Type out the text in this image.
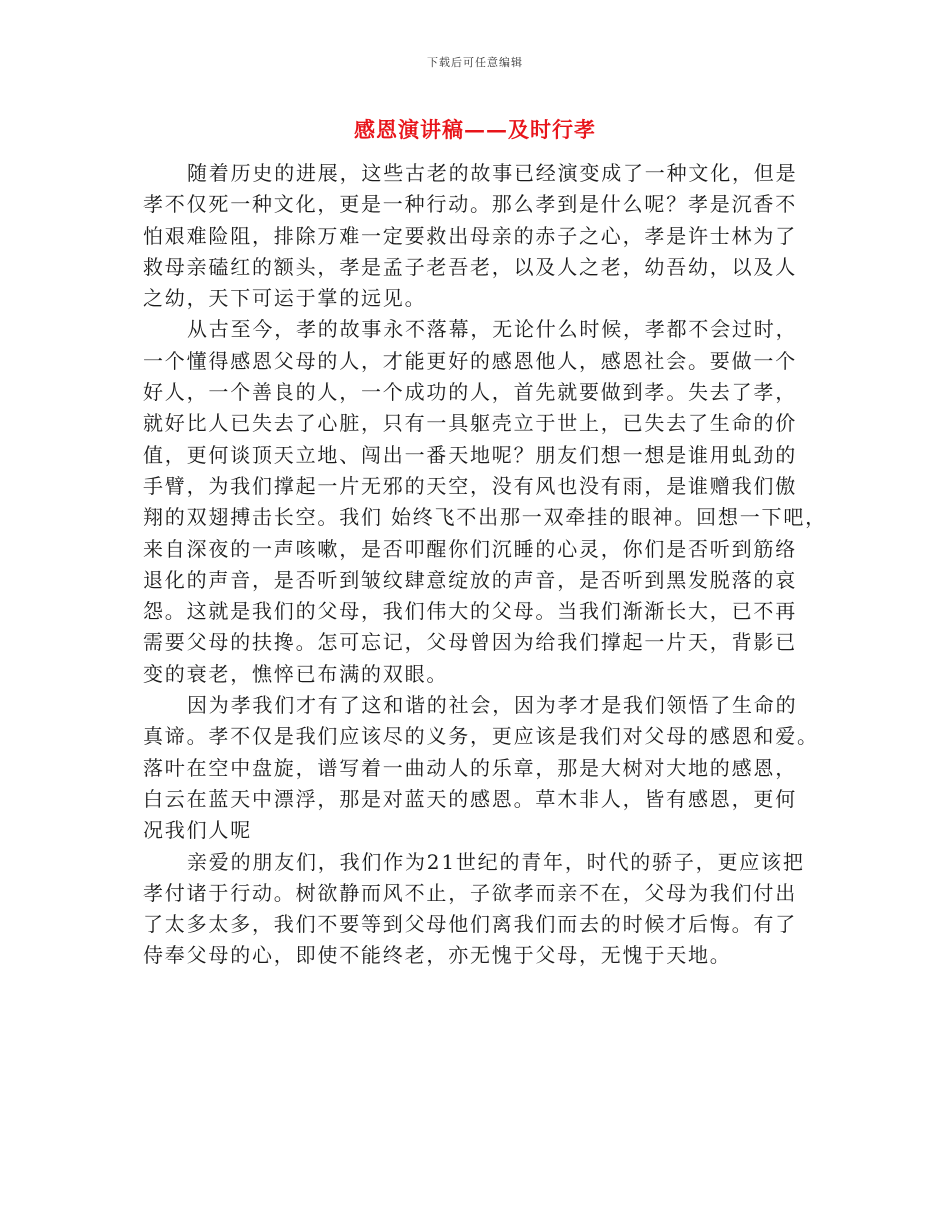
下载后可任意编辑
感恩演讲稿——及时行孝
随着历史的进展，这些古老的故事已经演变成了一种文化，但是
孝不仅死一种文化，更是一种行动。那么孝到是什么呢？孝是沉香不
怕艰难险阻，排除万难一定要救出母亲的赤子之心，孝是许士林为了
救母亲磕红的额头，孝是孟子老吾老，以及人之老，幼吾幼，以及人
之幼，天下可运于掌的远见。
从古至今，孝的故事永不落幕，无论什么时候，孝都不会过时，
一个懂得感恩父母的人，才能更好的感恩他人，感恩社会。要做一个
好人，一个善良的人，一个成功的人，首先就要做到孝。失去了孝，
就好比人已失去了心脏，只有一具躯壳立于世上，已失去了生命的价
值，更何谈顶天立地、闯出一番天地呢？朋友们想一想是谁用虬劲的
手臂，为我们撑起一片无邪的天空，没有风也没有雨，是谁赠我们傲
翔的双翅搏击长空。我们 始终飞不出那一双牵挂的眼神。回想一下吧，
来自深夜的一声咳嗽，是否叩醒你们沉睡的心灵，你们是否听到筋络
退化的声音，是否听到皱纹肆意绽放的声音，是否听到黑发脱落的哀
怨。这就是我们的父母，我们伟大的父母。当我们渐渐长大，已不再
需要父母的扶搀。怎可忘记，父母曾因为给我们撑起一片天，背影已
变的衰老，憔悴已布满的双眼。
因为孝我们才有了这和谐的社会，因为孝才是我们领悟了生命的
真谛。孝不仅是我们应该尽的义务，更应该是我们对父母的感恩和爱。
落叶在空中盘旋，谱写着一曲动人的乐章，那是大树对大地的感恩，
白云在蓝天中漂浮，那是对蓝天的感恩。草木非人，皆有感恩，更何
况我们人呢
亲爱的朋友们，我们作为21世纪的青年，时代的骄子，更应该把
孝付诸于行动。树欲静而风不止，子欲孝而亲不在，父母为我们付出
了太多太多，我们不要等到父母他们离我们而去的时候才后悔。有了
侍奉父母的心，即使不能终老，亦无愧于父母，无愧于天地。
